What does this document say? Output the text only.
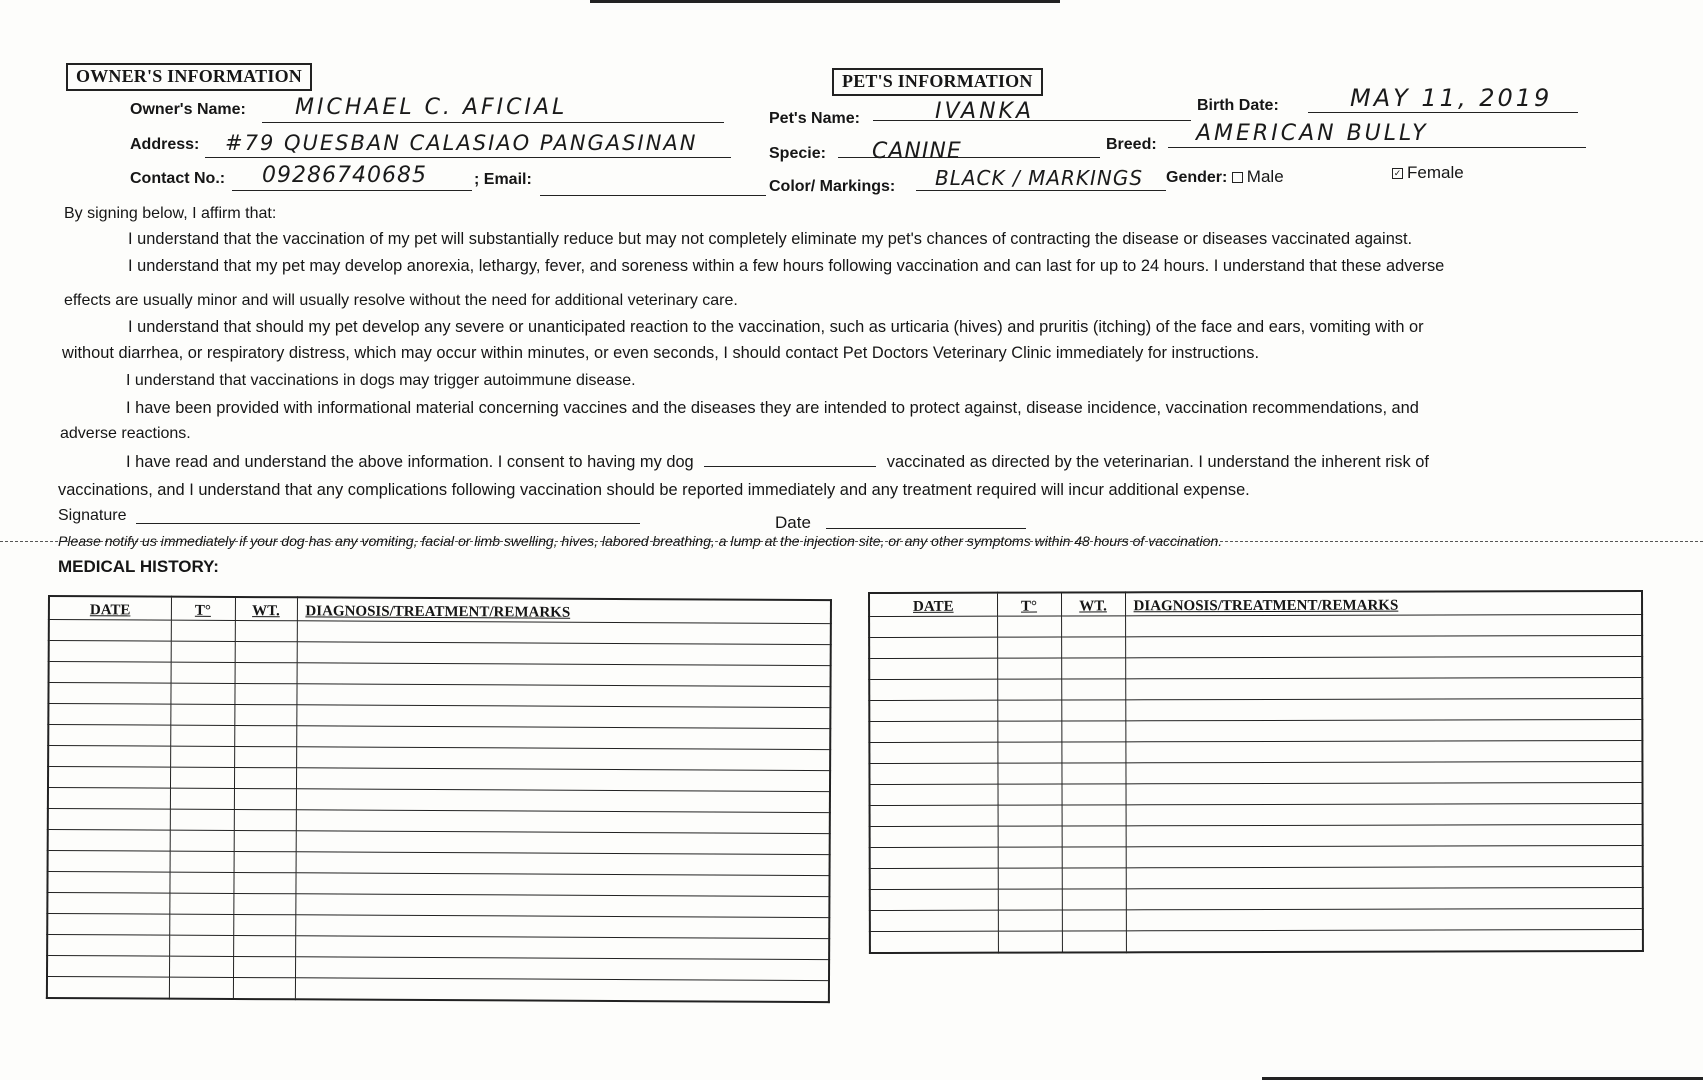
OWNER'S INFORMATION
Owner's Name: MICHAEL C. AFICIAL
Address: #79 QUESBAN CALASIAO PANGASINAN
Contact No.: 09286740685	; Email:
PET'S INFORMATION
Pet's Name:	IVANKA	Birth Date:	MAY 11, 2019
Specie: CANINE	Breed: AMERICAN BULLY
Color/ Markings: BLACK / MARKINGS Gender: Male	✓ Female
By signing below, I affirm that:
I understand that the vaccination of my pet will substantially reduce but may not completely eliminate my pet's chances of contracting the disease or diseases vaccinated against.
I understand that my pet may develop anorexia, lethargy, fever, and soreness within a few hours following vaccination and can last for up to 24 hours. I understand that these adverse
effects are usually minor and will usually resolve without the need for additional veterinary care.
I understand that should my pet develop any severe or unanticipated reaction to the vaccination, such as urticaria (hives) and pruritis (itching) of the face and ears, vomiting with or
without diarrhea, or respiratory distress, which may occur within minutes, or even seconds, I should contact Pet Doctors Veterinary Clinic immediately for instructions.
I understand that vaccinations in dogs may trigger autoimmune disease.
I have been provided with informational material concerning vaccines and the diseases they are intended to protect against, disease incidence, vaccination recommendations, and
adverse reactions.
I have read and understand the above information. I consent to having my dog	vaccinated as directed by the veterinarian. I understand the inherent risk of
vaccinations, and I understand that any complications following vaccination should be reported immediately and any treatment required will incur additional expense.
Signature	Date
Please notify us immediately if your dog has any vomiting, facial or limb swelling, hives, labored breathing, a lump at the injection site, or any other symptoms within 48 hours of vaccination.
MEDICAL HISTORY:
DATE	T°	WT.	DIAGNOSIS/TREATMENT/REMARKS

				DATE	T°	WT.	DIAGNOSIS/TREATMENT/REMARKS
